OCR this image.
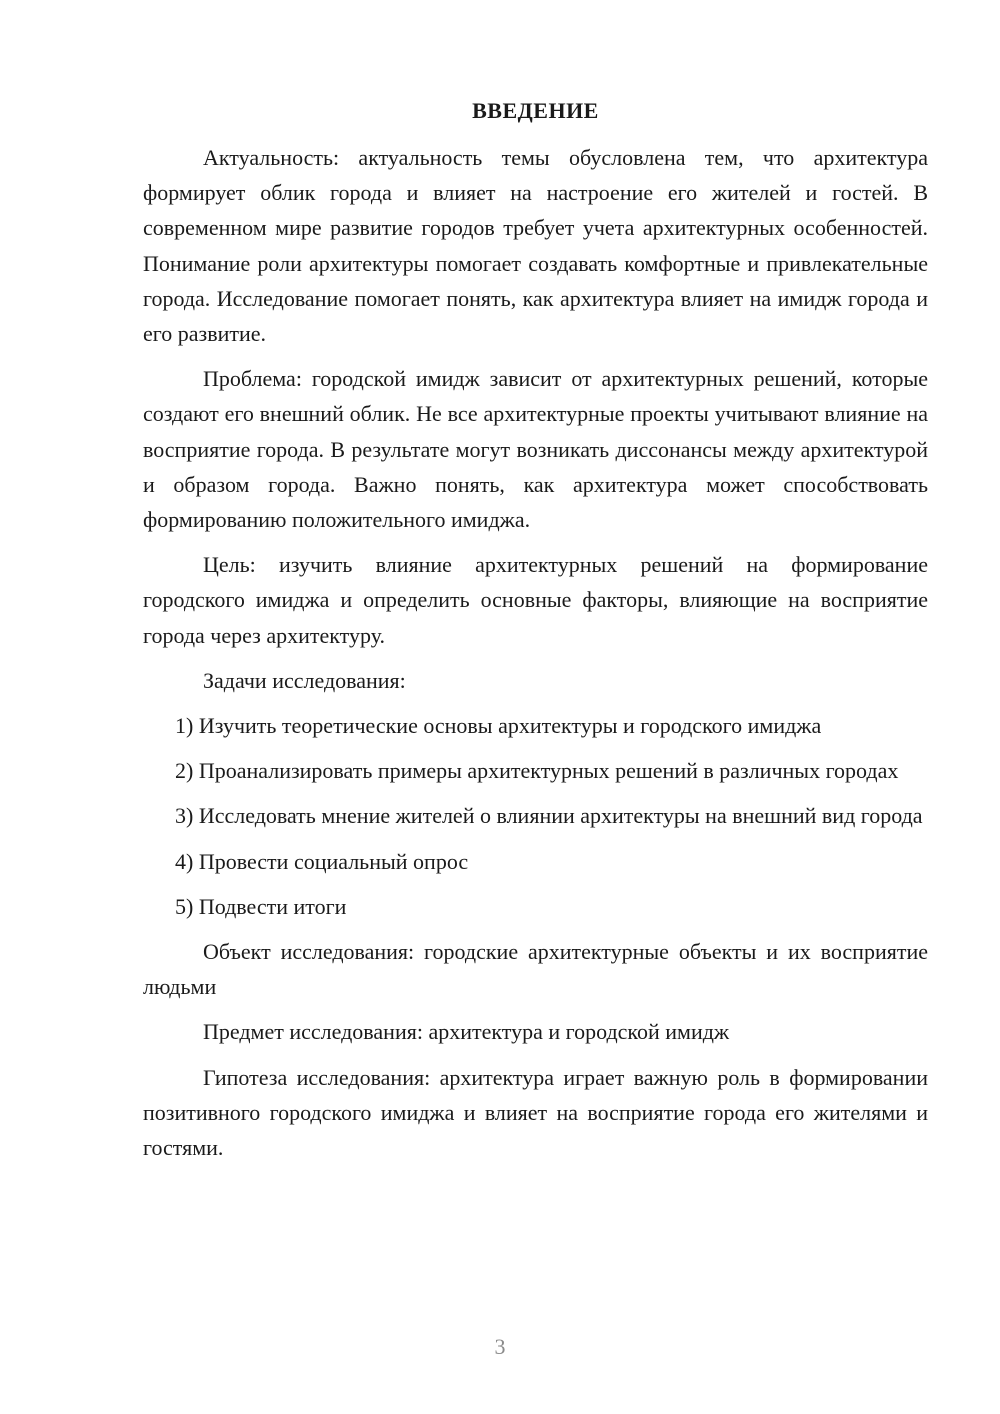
ВВЕДЕНИЕ

Актуальность: актуальность темы обусловлена тем, что архитектура формирует облик города и влияет на настроение его жителей и гостей. В современном мире развитие городов требует учета архитектурных особенностей. Понимание роли архитектуры помогает создавать комфортные и привлекательные города. Исследование помогает понять, как архитектура влияет на имидж города и его развитие.

Проблема: городской имидж зависит от архитектурных решений, которые создают его внешний облик. Не все архитектурные проекты учитывают влияние на восприятие города. В результате могут возникать диссонансы между архитектурой и образом города. Важно понять, как архитектура может способствовать формированию положительного имиджа.

Цель: изучить влияние архитектурных решений на формирование городского имиджа и определить основные факторы, влияющие на восприятие города через архитектуру.

Задачи исследования:

1) Изучить теоретические основы архитектуры и городского имиджа

2) Проанализировать примеры архитектурных решений в различных городах

3) Исследовать мнение жителей о влиянии архитектуры на внешний вид города

4) Провести социальный опрос

5) Подвести итоги

Объект исследования: городские архитектурные объекты и их восприятие людьми

Предмет исследования: архитектура и городской имидж

Гипотеза исследования: архитектура играет важную роль в формировании позитивного городского имиджа и влияет на восприятие города его жителями и гостями.

3
